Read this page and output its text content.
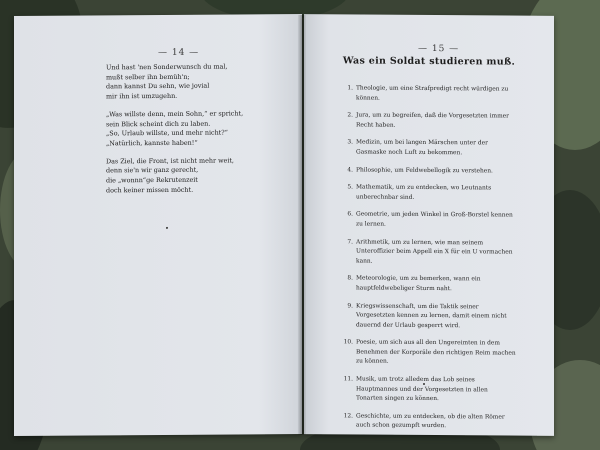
— 14 —
Und hast 'nen Sonderwunsch du mal,
mußt selber ihn bemüh'n;
dann kannst Du sehn, wie jovial
mir ihn ist umzugehn.
„Was willste denn, mein Sohn,“ er spricht,
sein Blick scheint dich zu laben.
„So, Urlaub willste, und mehr nicht?“
„Natürlich, kannste haben!“
Das Ziel, die Front, ist nicht mehr weit,
denn sie'n wir ganz gerecht,
die „wonnn“ge Rekrutenzeit
doch keiner missen möcht.
— 15 —
Was ein Soldat studieren muß.
1. Theologie, um eine Strafpredigt recht würdigen zu können.
2. Jura, um zu begreifen, daß die Vorgesetzten immer Recht haben.
3. Medizin, um bei langen Märschen unter der Gasmaske noch Luft zu bekommen.
4. Philosophie, um Feldwebellogik zu verstehen.
5. Mathematik, um zu entdecken, wo Leutnants unberechnbar sind.
6. Geometrie, um jeden Winkel in Groß-Borstel kennen zu lernen.
7. Arithmetik, um zu lernen, wie man seinem Unteroffizier beim Appell ein X für ein U vormachen kann.
8. Meteorologie, um zu bemerken, wann ein hauptfeldwebeliger Sturm naht.
9. Kriegswissenschaft, um die Taktik seiner Vorgesetzten kennen zu lernen, damit einem nicht dauernd der Urlaub gesperrt wird.
10. Poesie, um sich aus all den Ungereimten in dem Benehmen der Korporäle den richtigen Reim machen zu können.
11. Musik, um trotz alledem das Lob seines Hauptmannes und der Vorgesetzten in allen Tonarten singen zu können.
12. Geschichte, um zu entdecken, ob die alten Römer auch schon gezumpft wurden.
